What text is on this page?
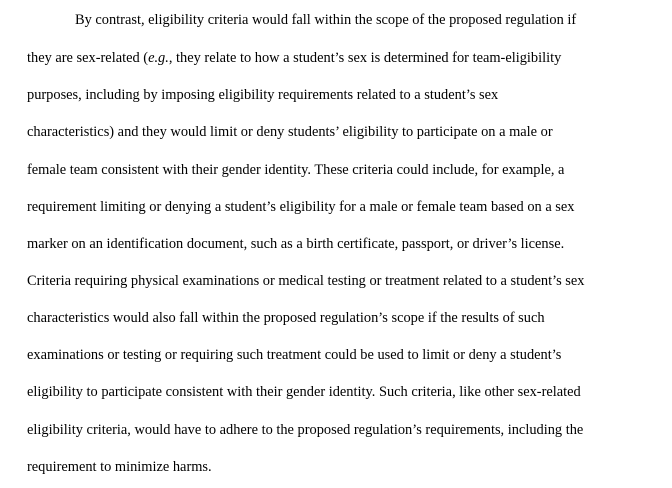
By contrast, eligibility criteria would fall within the scope of the proposed regulation if
they are sex-related (e.g., they relate to how a student’s sex is determined for team-eligibility
purposes, including by imposing eligibility requirements related to a student’s sex
characteristics) and they would limit or deny students’ eligibility to participate on a male or
female team consistent with their gender identity. These criteria could include, for example, a
requirement limiting or denying a student’s eligibility for a male or female team based on a sex
marker on an identification document, such as a birth certificate, passport, or driver’s license.
Criteria requiring physical examinations or medical testing or treatment related to a student’s sex
characteristics would also fall within the proposed regulation’s scope if the results of such
examinations or testing or requiring such treatment could be used to limit or deny a student’s
eligibility to participate consistent with their gender identity. Such criteria, like other sex-related
eligibility criteria, would have to adhere to the proposed regulation’s requirements, including the
requirement to minimize harms.
